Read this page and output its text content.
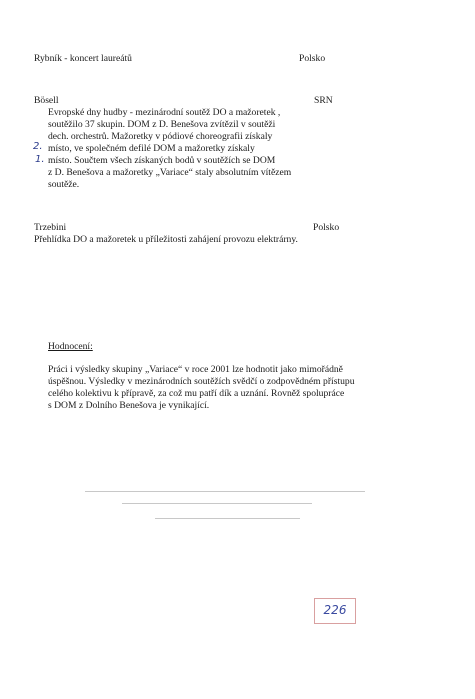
Rybník - koncert laureátů	Polsko
Bösell	SRN
Evropské dny hudby - mezinárodní soutěž DO a mažoretek ,
soutěžilo 37 skupin. DOM z D. Benešova zvítězil v soutěži
dech. orchestrů. Mažoretky v pódiové choreografii získaly
2. místo, ve společném defilé DOM a mažoretky získaly
1. místo. Součtem všech získaných bodů v soutěžích se DOM
z D. Benešova a mažoretky „Variace“ staly absolutním vítězem
soutěže.
Trzebini	Polsko
Přehlídka DO a mažoretek u příležitosti zahájení provozu elektrárny.
Hodnocení:
Práci i výsledky skupiny „Variace“ v roce 2001 lze hodnotit jako mimořádně
úspěšnou. Výsledky v mezinárodních soutěžích svědčí o zodpovědném přístupu
celého kolektivu k přípravě, za což mu patří dík a uznání. Rovněž spolupráce
s DOM z Dolního Benešova je vynikající.
226
